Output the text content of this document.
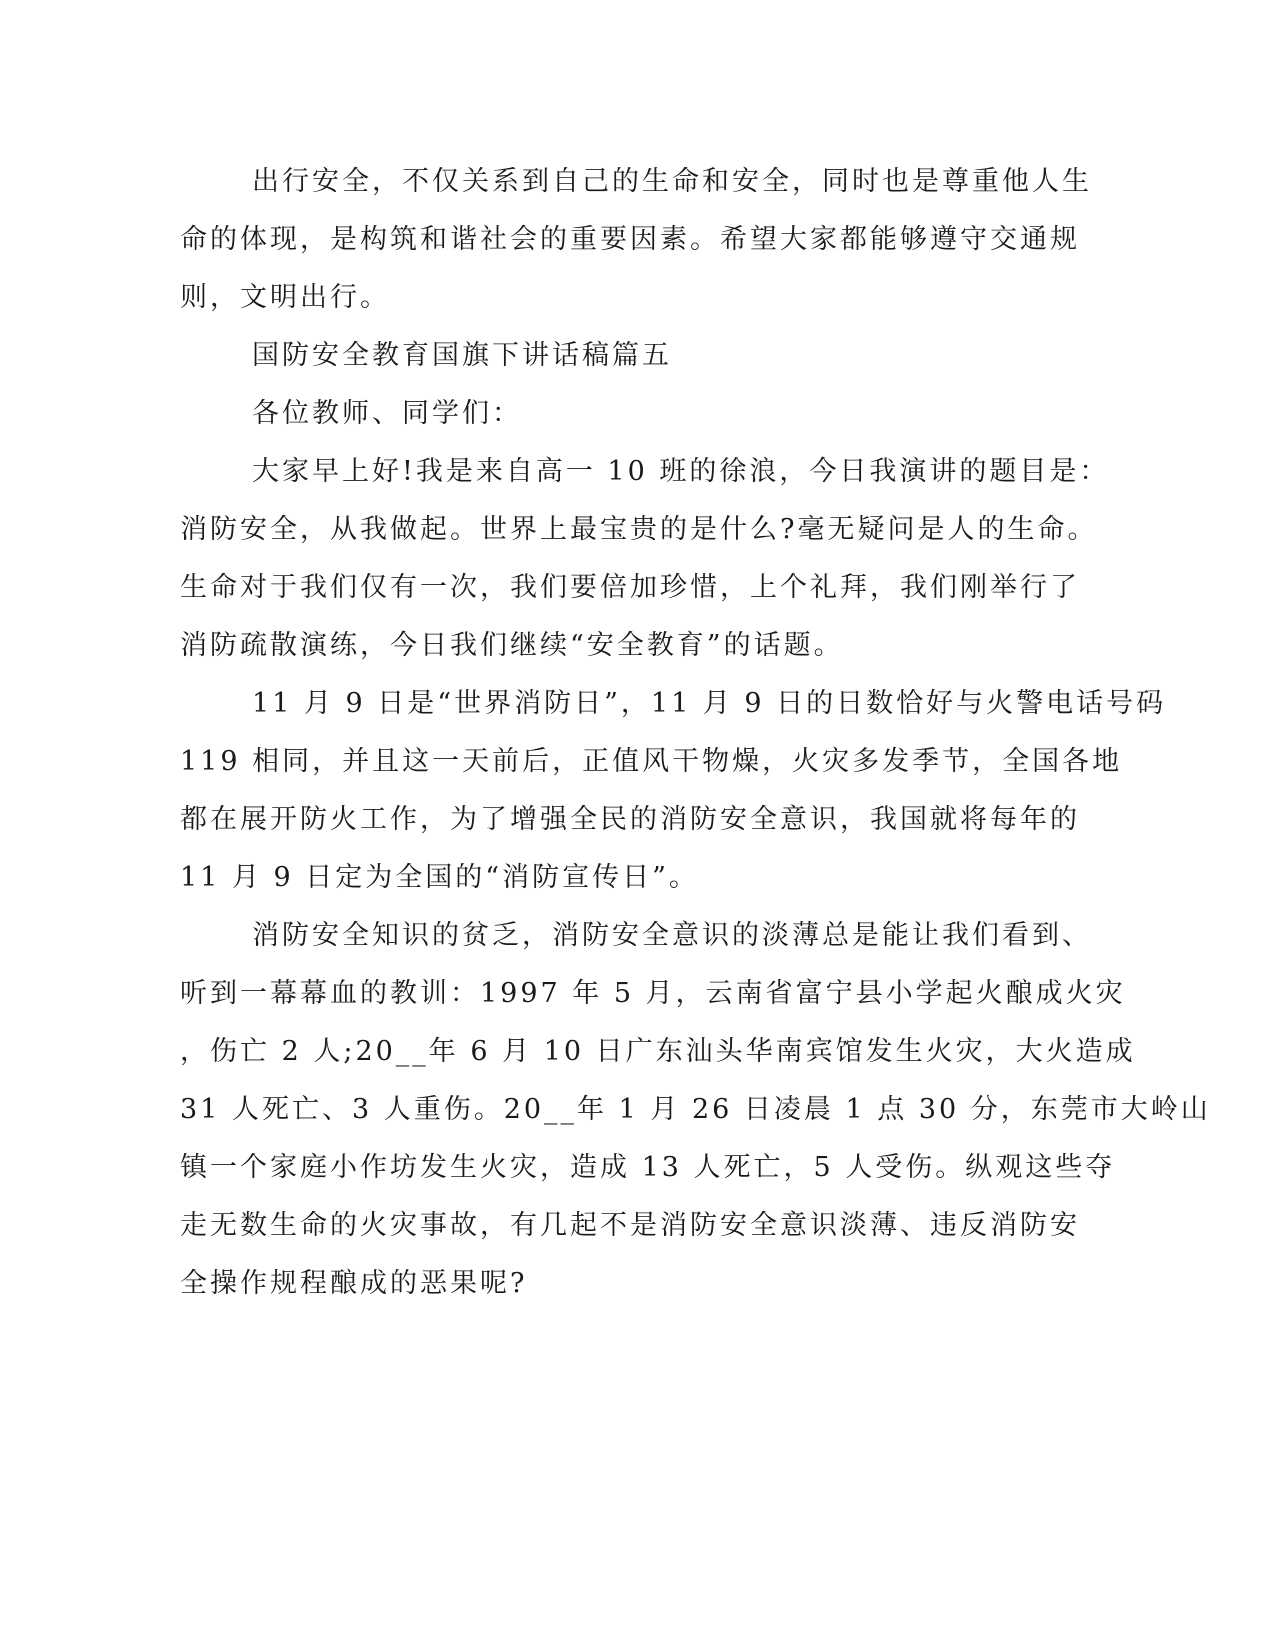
出行安全，不仅关系到自己的生命和安全，同时也是尊重他人生
命的体现，是构筑和谐社会的重要因素。希望大家都能够遵守交通规
则，文明出行。

国防安全教育国旗下讲话稿篇五

各位教师、同学们：

大家早上好!我是来自高一 10 班的徐浪，今日我演讲的题目是：
消防安全，从我做起。世界上最宝贵的是什么?毫无疑问是人的生命。
生命对于我们仅有一次，我们要倍加珍惜，上个礼拜，我们刚举行了
消防疏散演练，今日我们继续“安全教育”的话题。

11 月 9 日是“世界消防日”，11 月 9 日的日数恰好与火警电话号码
119 相同，并且这一天前后，正值风干物燥，火灾多发季节，全国各地
都在展开防火工作，为了增强全民的消防安全意识，我国就将每年的
11 月 9 日定为全国的“消防宣传日”。

消防安全知识的贫乏，消防安全意识的淡薄总是能让我们看到、
听到一幕幕血的教训：1997 年 5 月，云南省富宁县小学起火酿成火灾
，伤亡 2 人;20__年 6 月 10 日广东汕头华南宾馆发生火灾，大火造成
31 人死亡、3 人重伤。20__年 1 月 26 日凌晨 1 点 30 分，东莞市大岭山
镇一个家庭小作坊发生火灾，造成 13 人死亡，5 人受伤。纵观这些夺
走无数生命的火灾事故，有几起不是消防安全意识淡薄、违反消防安
全操作规程酿成的恶果呢?
